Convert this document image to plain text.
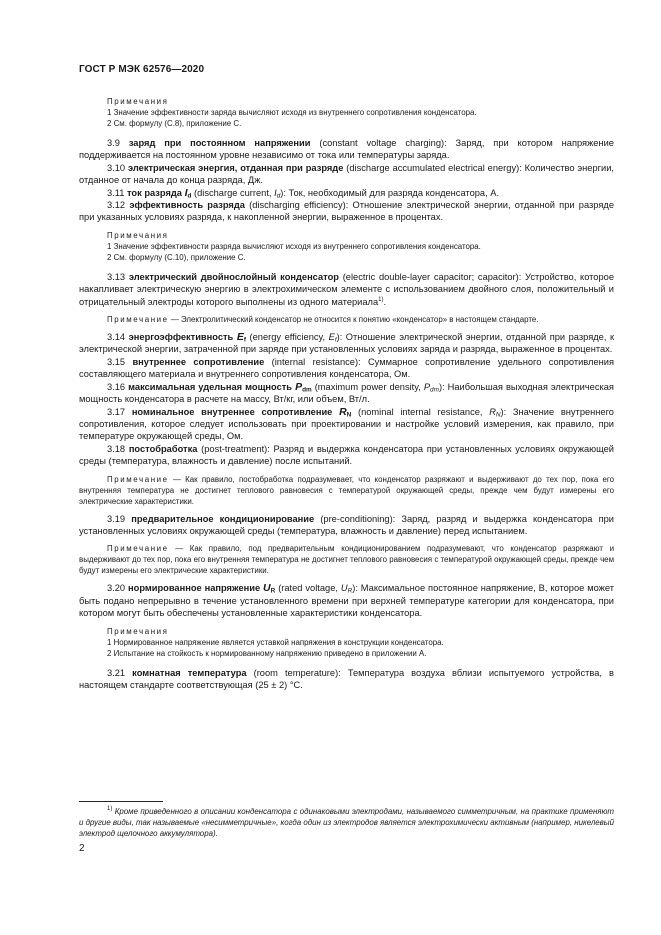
ГОСТ Р МЭК 62576—2020
Примечания
1 Значение эффективности заряда вычисляют исходя из внутреннего сопротивления конденсатора.
2 См. формулу (С.8), приложение С.

3.9 заряд при постоянном напряжении (constant voltage charging): Заряд, при котором напряжение поддерживается на постоянном уровне независимо от тока или температуры заряда.

3.10 электрическая энергия, отданная при разряде (discharge accumulated electrical energy): Количество энергии, отданное от начала до конца разряда, Дж.

3.11 ток разряда $I_d$ (discharge current, $I_d$): Ток, необходимый для разряда конденсатора, А.

3.12 эффективность разряда (discharging efficiency): Отношение электрической энергии, отданной при разряде при указанных условиях разряда, к накопленной энергии, выраженное в процентах.

Примечания
1 Значение эффективности разряда вычисляют исходя из внутреннего сопротивления конденсатора.
2 См. формулу (С.10), приложение С.

3.13 электрический двойнослойный конденсатор (electric double-layer capacitor; capacitor): Устройство, которое накапливает электрическую энергию в электрохимическом элементе с использованием двойного слоя, положительный и отрицательный электроды которого выполнены из одного материала$^{1)}$.

Примечание — Электролитический конденсатор не относится к понятию «конденсатор» в настоящем стандарте.

3.14 энергоэффективность $E_f$ (energy efficiency, $E_f$): Отношение электрической энергии, отданной при разряде, к электрической энергии, затраченной при заряде при установленных условиях заряда и разряда, выраженное в процентах.

3.15 внутреннее сопротивление (internal resistance): Суммарное сопротивление удельного сопротивления составляющего материала и внутреннего сопротивления конденсатора, Ом.

3.16 максимальная удельная мощность $P_{dm}$ (maximum power density, $P_{dm}$): Наибольшая выходная электрическая мощность конденсатора в расчете на массу, Вт/кг, или объем, Вт/л.

3.17 номинальное внутреннее сопротивление $R_N$ (nominal internal resistance, $R_N$): Значение внутреннего сопротивления, которое следует использовать при проектировании и настройке условий измерения, как правило, при температуре окружающей среды, Ом.

3.18 постобработка (post-treatment): Разряд и выдержка конденсатора при установленных условиях окружающей среды (температура, влажность и давление) после испытаний.

Примечание — Как правило, постобработка подразумевает, что конденсатор разряжают и выдерживают до тех пор, пока его внутренняя температура не достигнет теплового равновесия с температурой окружающей среды, прежде чем будут измерены его электрические характеристики.

3.19 предварительное кондиционирование (pre-conditioning): Заряд, разряд и выдержка конденсатора при установленных условиях окружающей среды (температура, влажность и давление) перед испытанием.

Примечание — Как правило, под предварительным кондиционированием подразумевают, что конденсатор разряжают и выдерживают до тех пор, пока его внутренняя температура не достигнет теплового равновесия с температурой окружающей среды, прежде чем будут измерены его электрические характеристики.

3.20 нормированное напряжение $U_R$ (rated voltage, $U_R$): Максимальное постоянное напряжение, В, которое может быть подано непрерывно в течение установленного времени при верхней температуре категории для конденсатора, при котором могут быть обеспечены установленные характеристики конденсатора.

Примечания
1 Нормированное напряжение является уставкой напряжения в конструкции конденсатора.
2 Испытание на стойкость к нормированному напряжению приведено в приложении А.

3.21 комнатная температура (room temperature): Температура воздуха вблизи испытуемого устройства, в настоящем стандарте соответствующая (25 ± 2) °С.

$^{1)}$ Кроме приведенного в описании конденсатора с одинаковыми электродами, называемого симметричным, на практике применяют и другие виды, так называемые «несимметричные», когда один из электродов является электрохимически активным (например, никелевый электрод щелочного аккумулятора).

2
